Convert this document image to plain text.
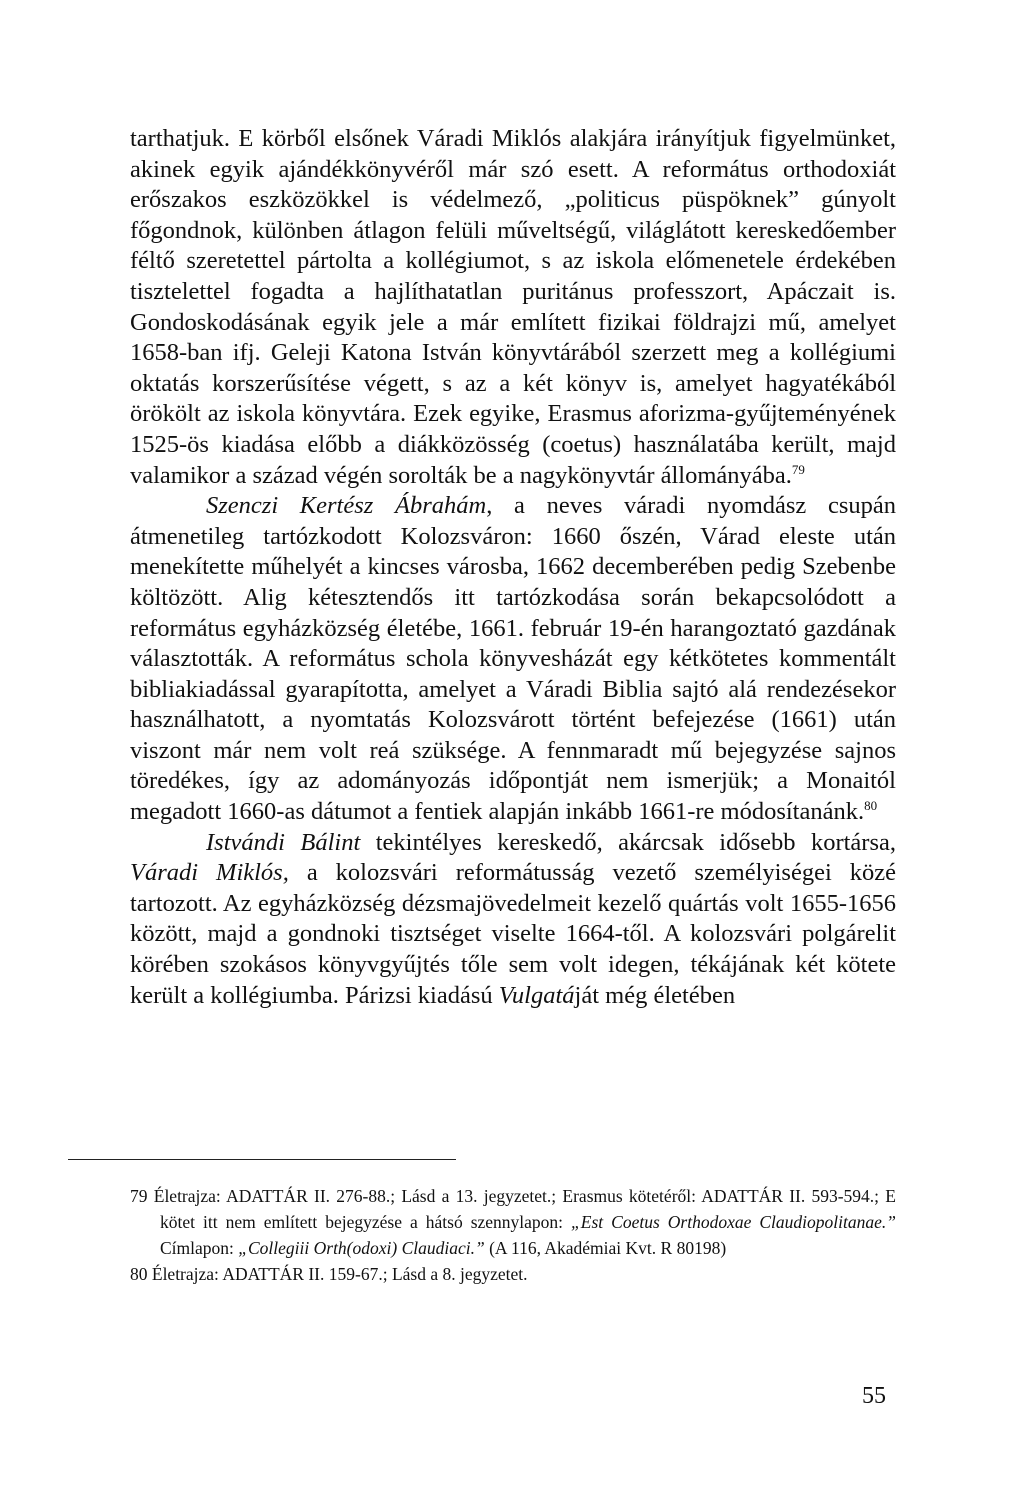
tarthatjuk. E körből elsőnek Váradi Miklós alakjára irányítjuk figyelmünket, akinek egyik ajándékkönyvéről már szó esett. A református orthodoxiát erőszakos eszközökkel is védelmező, „politicus püspöknek” gúnyolt főgondnok, különben átlagon felüli műveltségű, világlátott kereskedőember féltő szeretettel pártolta a kollégiumot, s az iskola előmenetele érdekében tisztelettel fogadta a hajlíthatatlan puritánus professzort, Apáczait is. Gondoskodásának egyik jele a már említett fizikai földrajzi mű, amelyet 1658-ban ifj. Geleji Katona István könyvtárából szerzett meg a kollégiumi oktatás korszerűsítése végett, s az a két könyv is, amelyet hagyatékából örökölt az iskola könyvtára. Ezek egyike, Erasmus aforizma-gyűjteményének 1525-ös kiadása előbb a diákközösség (coetus) használatába került, majd valamikor a század végén sorolták be a nagykönyvtár állományába.$^{79}$

Szenczi Kertész Ábrahám, a neves váradi nyomdász csupán átmenetileg tartózkodott Kolozsváron: 1660 őszén, Várad eleste után menekítette műhelyét a kincses városba, 1662 decemberében pedig Szebenbe költözött. Alig kétesztendős itt tartózkodása során bekapcsolódott a református egyházközség életébe, 1661. február 19-én harangoztató gazdának választották. A református schola könyvesházát egy kétkötetes kommentált bibliakiadással gyarapította, amelyet a Váradi Biblia sajtó alá rendezésekor használhatott, a nyomtatás Kolozsvárott történt befejezése (1661) után viszont már nem volt reá szüksége. A fennmaradt mű bejegyzése sajnos töredékes, így az adományozás időpontját nem ismerjük; a Monaitól megadott 1660-as dátumot a fentiek alapján inkább 1661-re módosítanánk.$^{80}$

Istvándi Bálint tekintélyes kereskedő, akárcsak idősebb kortársa, Váradi Miklós, a kolozsvári reformátusság vezető személyiségei közé tartozott. Az egyházközség dézsmajövedelmeit kezelő quártás volt 1655-1656 között, majd a gondnoki tisztséget viselte 1664-től. A kolozsvári polgárelit körében szokásos könyvgyűjtés tőle sem volt idegen, tékájának két kötete került a kollégiumba. Párizsi kiadású Vulgatáját még életében

79 Életrajza: ADATTÁR II. 276-88.; Lásd a 13. jegyzetet.; Erasmus kötetéről: ADATTÁR II. 593-594.; E kötet itt nem említett bejegyzése a hátsó szennylapon: „Est Coetus Orthodoxae Claudiopolitanae.” Címlapon: „Collegiii Orth(odoxi) Claudiaci.” (A 116, Akadémiai Kvt. R 80198)

80 Életrajza: ADATTÁR II. 159-67.; Lásd a 8. jegyzetet.

55
